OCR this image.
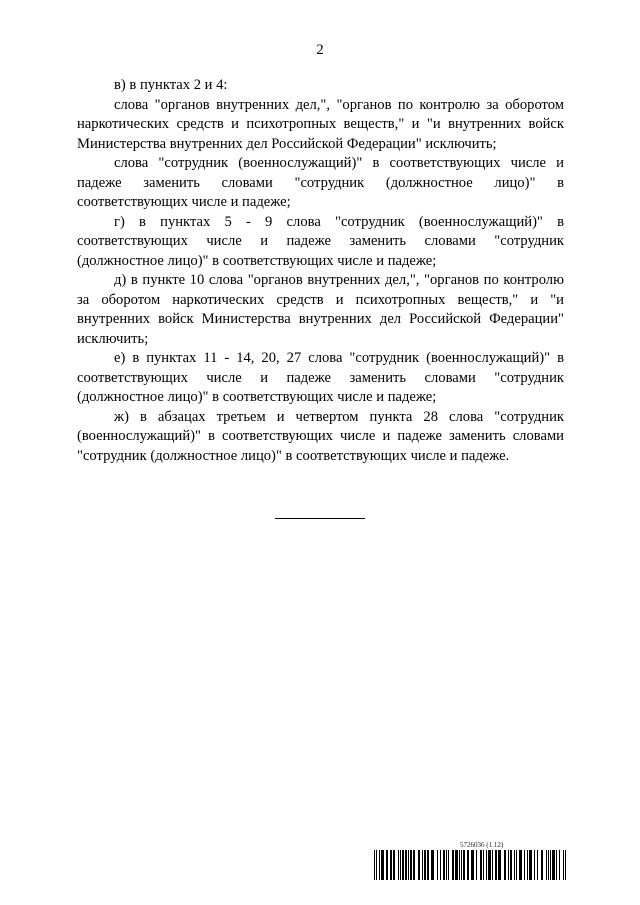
2

в) в пунктах 2 и 4:

слова "органов внутренних дел,", "органов по контролю за оборотом наркотических средств и психотропных веществ," и "и внутренних войск Министерства внутренних дел Российской Федерации" исключить;

слова "сотрудник (военнослужащий)" в соответствующих числе и падеже заменить словами "сотрудник (должностное лицо)" в соответствующих числе и падеже;

г) в пунктах 5 - 9 слова "сотрудник (военнослужащий)" в соответствующих числе и падеже заменить словами "сотрудник (должностное лицо)" в соответствующих числе и падеже;

д) в пункте 10 слова "органов внутренних дел,", "органов по контролю за оборотом наркотических средств и психотропных веществ," и "и внутренних войск Министерства внутренних дел Российской Федерации" исключить;

е) в пунктах 11 - 14, 20, 27 слова "сотрудник (военнослужащий)" в соответствующих числе и падеже заменить словами "сотрудник (должностное лицо)" в соответствующих числе и падеже;

ж) в абзацах третьем и четвертом пункта 28 слова "сотрудник (военнослужащий)" в соответствующих числе и падеже заменить словами "сотрудник (должностное лицо)" в соответствующих числе и падеже.

5726036 (1.12)
